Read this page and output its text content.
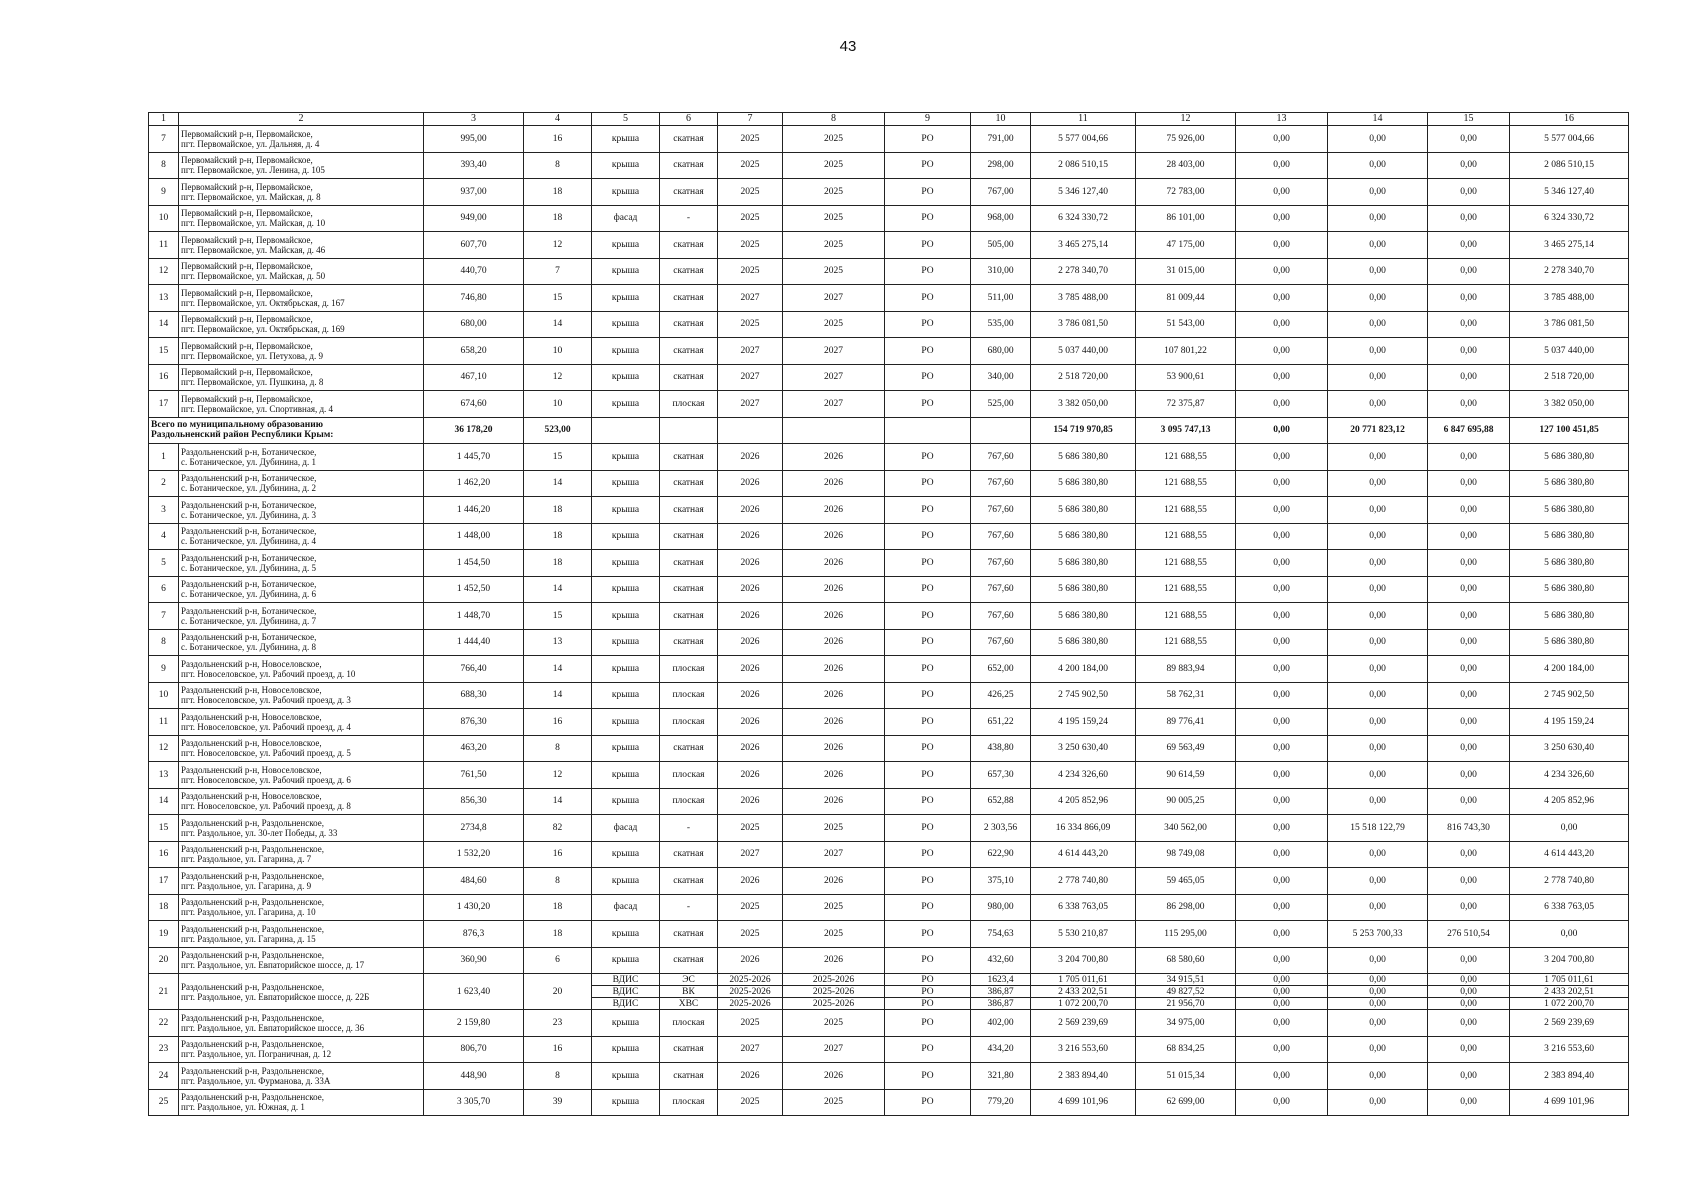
43
1	2	3	4	5	6	7	8	9	10	11	12	13	14	15	16
7	Первомайский р-н, Первомайское,
пгт. Первомайское, ул. Дальняя, д. 4	995,00	16	крыша	скатная	2025	2025	РО	791,00	5 577 004,66	75 926,00	0,00	0,00	0,00	5 577 004,66
8	Первомайский р-н, Первомайское,
пгт. Первомайское, ул. Ленина, д. 105	393,40	8	крыша	скатная	2025	2025	РО	298,00	2 086 510,15	28 403,00	0,00	0,00	0,00	2 086 510,15
9	Первомайский р-н, Первомайское,
пгт. Первомайское, ул. Майская, д. 8	937,00	18	крыша	скатная	2025	2025	РО	767,00	5 346 127,40	72 783,00	0,00	0,00	0,00	5 346 127,40
10	Первомайский р-н, Первомайское,
пгт. Первомайское, ул. Майская, д. 10	949,00	18	фасад	-	2025	2025	РО	968,00	6 324 330,72	86 101,00	0,00	0,00	0,00	6 324 330,72
11	Первомайский р-н, Первомайское,
пгт. Первомайское, ул. Майская, д. 46	607,70	12	крыша	скатная	2025	2025	РО	505,00	3 465 275,14	47 175,00	0,00	0,00	0,00	3 465 275,14
12	Первомайский р-н, Первомайское,
пгт. Первомайское, ул. Майская, д. 50	440,70	7	крыша	скатная	2025	2025	РО	310,00	2 278 340,70	31 015,00	0,00	0,00	0,00	2 278 340,70
13	Первомайский р-н, Первомайское,
пгт. Первомайское, ул. Октябрьская, д. 167	746,80	15	крыша	скатная	2027	2027	РО	511,00	3 785 488,00	81 009,44	0,00	0,00	0,00	3 785 488,00
14	Первомайский р-н, Первомайское,
пгт. Первомайское, ул. Октябрьская, д. 169	680,00	14	крыша	скатная	2025	2025	РО	535,00	3 786 081,50	51 543,00	0,00	0,00	0,00	3 786 081,50
15	Первомайский р-н, Первомайское,
пгт. Первомайское, ул. Петухова, д. 9	658,20	10	крыша	скатная	2027	2027	РО	680,00	5 037 440,00	107 801,22	0,00	0,00	0,00	5 037 440,00
16	Первомайский р-н, Первомайское,
пгт. Первомайское, ул. Пушкина, д. 8	467,10	12	крыша	скатная	2027	2027	РО	340,00	2 518 720,00	53 900,61	0,00	0,00	0,00	2 518 720,00
17	Первомайский р-н, Первомайское,
пгт. Первомайское, ул. Спортивная, д. 4	674,60	10	крыша	плоская	2027	2027	РО	525,00	3 382 050,00	72 375,87	0,00	0,00	0,00	3 382 050,00

Всего по муниципальному образованию
Раздольненский район Республики Крым:		36 178,20	523,00							154 719 970,85	3 095 747,13	0,00	20 771 823,12	6 847 695,88	127 100 451,85
1	Раздольненский р-н, Ботаническое,
с. Ботаническое, ул. Дубинина, д. 1	1 445,70	15	крыша	скатная	2026	2026	РО	767,60	5 686 380,80	121 688,55	0,00	0,00	0,00	5 686 380,80
2	Раздольненский р-н, Ботаническое,
с. Ботаническое, ул. Дубинина, д. 2	1 462,20	14	крыша	скатная	2026	2026	РО	767,60	5 686 380,80	121 688,55	0,00	0,00	0,00	5 686 380,80
3	Раздольненский р-н, Ботаническое,
с. Ботаническое, ул. Дубинина, д. 3	1 446,20	18	крыша	скатная	2026	2026	РО	767,60	5 686 380,80	121 688,55	0,00	0,00	0,00	5 686 380,80
4	Раздольненский р-н, Ботаническое,
с. Ботаническое, ул. Дубинина, д. 4	1 448,00	18	крыша	скатная	2026	2026	РО	767,60	5 686 380,80	121 688,55	0,00	0,00	0,00	5 686 380,80
5	Раздольненский р-н, Ботаническое,
с. Ботаническое, ул. Дубинина, д. 5	1 454,50	18	крыша	скатная	2026	2026	РО	767,60	5 686 380,80	121 688,55	0,00	0,00	0,00	5 686 380,80
6	Раздольненский р-н, Ботаническое,
с. Ботаническое, ул. Дубинина, д. 6	1 452,50	14	крыша	скатная	2026	2026	РО	767,60	5 686 380,80	121 688,55	0,00	0,00	0,00	5 686 380,80
7	Раздольненский р-н, Ботаническое,
с. Ботаническое, ул. Дубинина, д. 7	1 448,70	15	крыша	скатная	2026	2026	РО	767,60	5 686 380,80	121 688,55	0,00	0,00	0,00	5 686 380,80
8	Раздольненский р-н, Ботаническое,
с. Ботаническое, ул. Дубинина, д. 8	1 444,40	13	крыша	скатная	2026	2026	РО	767,60	5 686 380,80	121 688,55	0,00	0,00	0,00	5 686 380,80
9	Раздольненский р-н, Новоселовское,
пгт. Новоселовское, ул. Рабочий проезд, д. 10	766,40	14	крыша	плоская	2026	2026	РО	652,00	4 200 184,00	89 883,94	0,00	0,00	0,00	4 200 184,00
10	Раздольненский р-н, Новоселовское,
пгт. Новоселовское, ул. Рабочий проезд, д. 3	688,30	14	крыша	плоская	2026	2026	РО	426,25	2 745 902,50	58 762,31	0,00	0,00	0,00	2 745 902,50
11	Раздольненский р-н, Новоселовское,
пгт. Новоселовское, ул. Рабочий проезд, д. 4	876,30	16	крыша	плоская	2026	2026	РО	651,22	4 195 159,24	89 776,41	0,00	0,00	0,00	4 195 159,24
12	Раздольненский р-н, Новоселовское,
пгт. Новоселовское, ул. Рабочий проезд, д. 5	463,20	8	крыша	скатная	2026	2026	РО	438,80	3 250 630,40	69 563,49	0,00	0,00	0,00	3 250 630,40
13	Раздольненский р-н, Новоселовское,
пгт. Новоселовское, ул. Рабочий проезд, д. 6	761,50	12	крыша	плоская	2026	2026	РО	657,30	4 234 326,60	90 614,59	0,00	0,00	0,00	4 234 326,60
14	Раздольненский р-н, Новоселовское,
пгт. Новоселовское, ул. Рабочий проезд, д. 8	856,30	14	крыша	плоская	2026	2026	РО	652,88	4 205 852,96	90 005,25	0,00	0,00	0,00	4 205 852,96
15	Раздольненский р-н, Раздольненское,
пгт. Раздольное, ул. 30-лет Победы, д. 33	2734,8	82	фасад	-	2025	2025	РО	2 303,56	16 334 866,09	340 562,00	0,00	15 518 122,79	816 743,30	0,00
16	Раздольненский р-н, Раздольненское,
пгт. Раздольное, ул. Гагарина, д. 7	1 532,20	16	крыша	скатная	2027	2027	РО	622,90	4 614 443,20	98 749,08	0,00	0,00	0,00	4 614 443,20
17	Раздольненский р-н, Раздольненское,
пгт. Раздольное, ул. Гагарина, д. 9	484,60	8	крыша	скатная	2026	2026	РО	375,10	2 778 740,80	59 465,05	0,00	0,00	0,00	2 778 740,80
18	Раздольненский р-н, Раздольненское,
пгт. Раздольное, ул. Гагарина, д. 10	1 430,20	18	фасад	-	2025	2025	РО	980,00	6 338 763,05	86 298,00	0,00	0,00	0,00	6 338 763,05
19	Раздольненский р-н, Раздольненское,
пгт. Раздольное, ул. Гагарина, д. 15	876,3	18	крыша	скатная	2025	2025	РО	754,63	5 530 210,87	115 295,00	0,00	5 253 700,33	276 510,54	0,00
20	Раздольненский р-н, Раздольненское,
пгт. Раздольное, ул. Евпаторийское шоссе, д. 17	360,90	6	крыша	скатная	2026	2026	РО	432,60	3 204 700,80	68 580,60	0,00	0,00	0,00	3 204 700,80
21	Раздольненский р-н, Раздольненское,
пгт. Раздольное, ул. Евпаторийское шоссе, д. 22Б	1 623,40	20	ВДИС	ЭС	2025-2026	2025-2026	РО	1623,4	1 705 011,61	34 915,51	0,00	0,00	0,00	1 705 011,61
				ВДИС	ВК	2025-2026	2025-2026	РО	386,87	2 433 202,51	49 827,52	0,00	0,00	0,00	2 433 202,51
				ВДИС	ХВС	2025-2026	2025-2026	РО	386,87	1 072 200,70	21 956,70	0,00	0,00	0,00	1 072 200,70
22	Раздольненский р-н, Раздольненское,
пгт. Раздольное, ул. Евпаторийское шоссе, д. 36	2 159,80	23	крыша	плоская	2025	2025	РО	402,00	2 569 239,69	34 975,00	0,00	0,00	0,00	2 569 239,69
23	Раздольненский р-н, Раздольненское,
пгт. Раздольное, ул. Пограничная, д. 12	806,70	16	крыша	скатная	2027	2027	РО	434,20	3 216 553,60	68 834,25	0,00	0,00	0,00	3 216 553,60
24	Раздольненский р-н, Раздольненское,
пгт. Раздольное, ул. Фурманова, д. 33А	448,90	8	крыша	скатная	2026	2026	РО	321,80	2 383 894,40	51 015,34	0,00	0,00	0,00	2 383 894,40
25	Раздольненский р-н, Раздольненское,
пгт. Раздольное, ул. Южная, д. 1	3 305,70	39	крыша	плоская	2025	2025	РО	779,20	4 699 101,96	62 699,00	0,00	0,00	0,00	4 699 101,96
